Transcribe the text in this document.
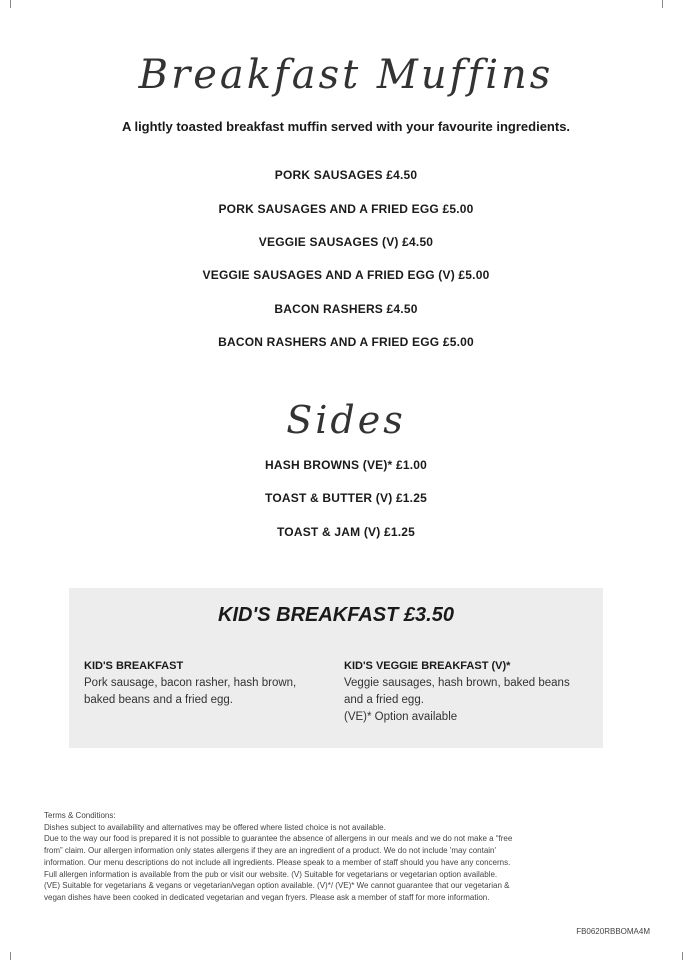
Breakfast Muffins
A lightly toasted breakfast muffin served with your favourite ingredients.
PORK SAUSAGES £4.50
PORK SAUSAGES AND A FRIED EGG £5.00
VEGGIE SAUSAGES (V) £4.50
VEGGIE SAUSAGES AND A FRIED EGG (V) £5.00
BACON RASHERS £4.50
BACON RASHERS AND A FRIED EGG £5.00
Sides
HASH BROWNS (VE)* £1.00
TOAST & BUTTER (V) £1.25
TOAST & JAM (V) £1.25
KID'S BREAKFAST £3.50
KID'S BREAKFAST
Pork sausage, bacon rasher, hash brown,
baked beans and a fried egg.
KID'S VEGGIE BREAKFAST (V)*
Veggie sausages, hash brown, baked beans
and a fried egg.
(VE)* Option available
Terms & Conditions:
Dishes subject to availability and alternatives may be offered where listed choice is not available.
Due to the way our food is prepared it is not possible to guarantee the absence of allergens in our meals and we do not make a “free
from” claim. Our allergen information only states allergens if they are an ingredient of a product. We do not include 'may contain'
information. Our menu descriptions do not include all ingredients. Please speak to a member of staff should you have any concerns.
Full allergen information is available from the pub or visit our website. (V) Suitable for vegetarians or vegetarian option available.
(VE) Suitable for vegetarians & vegans or vegetarian/vegan option available. (V)*/ (VE)* We cannot guarantee that our vegetarian &
vegan dishes have been cooked in dedicated vegetarian and vegan fryers. Please ask a member of staff for more information.
FB0620RBBOMA4M
